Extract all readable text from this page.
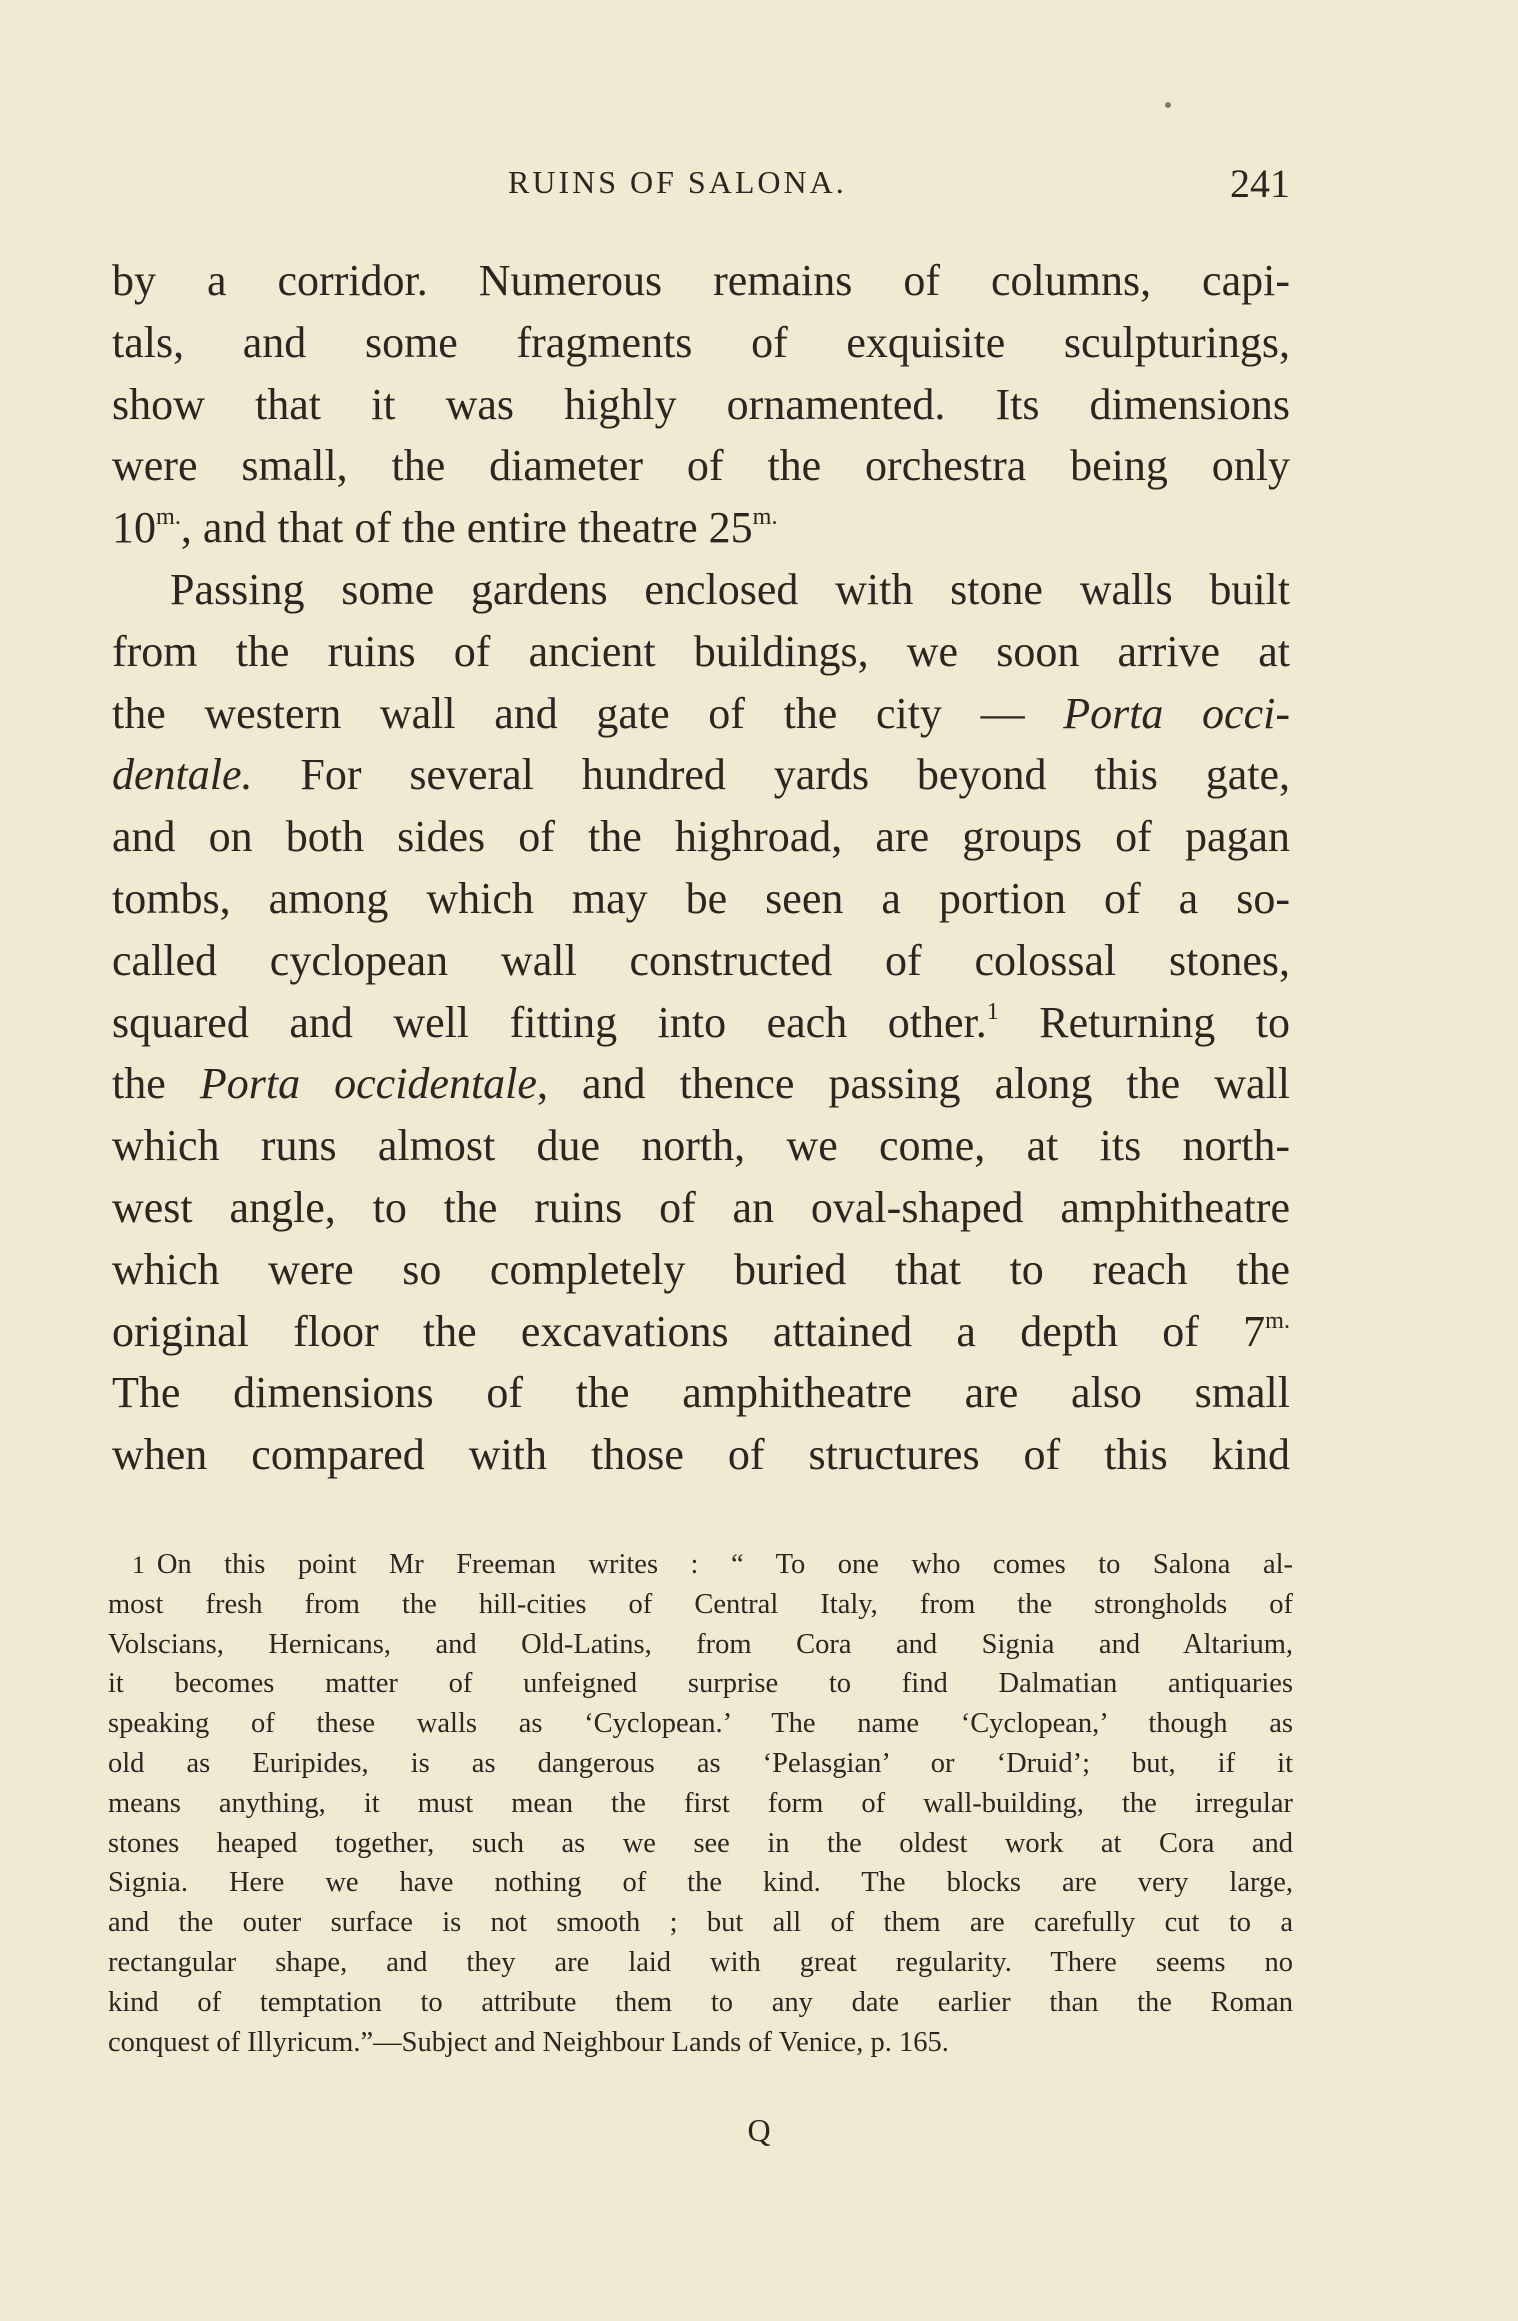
RUINS OF SALONA.	241
by a corridor. Numerous remains of columns, capi-
tals, and some fragments of exquisite sculpturings,
show that it was highly ornamented. Its dimensions
were small, the diameter of the orchestra being only
$10^{m.}$, and that of the entire theatre $25^{m.}$
Passing some gardens enclosed with stone walls built
from the ruins of ancient buildings, we soon arrive at
the western wall and gate of the city — Porta occi-
dentale. For several hundred yards beyond this gate,
and on both sides of the highroad, are groups of pagan
tombs, among which may be seen a portion of a so-
called cyclopean wall constructed of colossal stones,
squared and well fitting into each other.$^1$ Returning to
the Porta occidentale, and thence passing along the wall
which runs almost due north, we come, at its north-
west angle, to the ruins of an oval-shaped amphitheatre
which were so completely buried that to reach the
original floor the excavations attained a depth of $7^{m.}$
The dimensions of the amphitheatre are also small
when compared with those of structures of this kind
1 On this point Mr Freeman writes : “ To one who comes to Salona al-
most fresh from the hill-cities of Central Italy, from the strongholds of
Volscians, Hernicans, and Old-Latins, from Cora and Signia and Altarium,
it becomes matter of unfeigned surprise to find Dalmatian antiquaries
speaking of these walls as ‘Cyclopean.’ The name ‘Cyclopean,’ though as
old as Euripides, is as dangerous as ‘Pelasgian’ or ‘Druid’; but, if it
means anything, it must mean the first form of wall-building, the irregular
stones heaped together, such as we see in the oldest work at Cora and
Signia. Here we have nothing of the kind. The blocks are very large,
and the outer surface is not smooth ; but all of them are carefully cut to a
rectangular shape, and they are laid with great regularity. There seems no
kind of temptation to attribute them to any date earlier than the Roman
conquest of Illyricum.”—Subject and Neighbour Lands of Venice, p. 165.
Q
